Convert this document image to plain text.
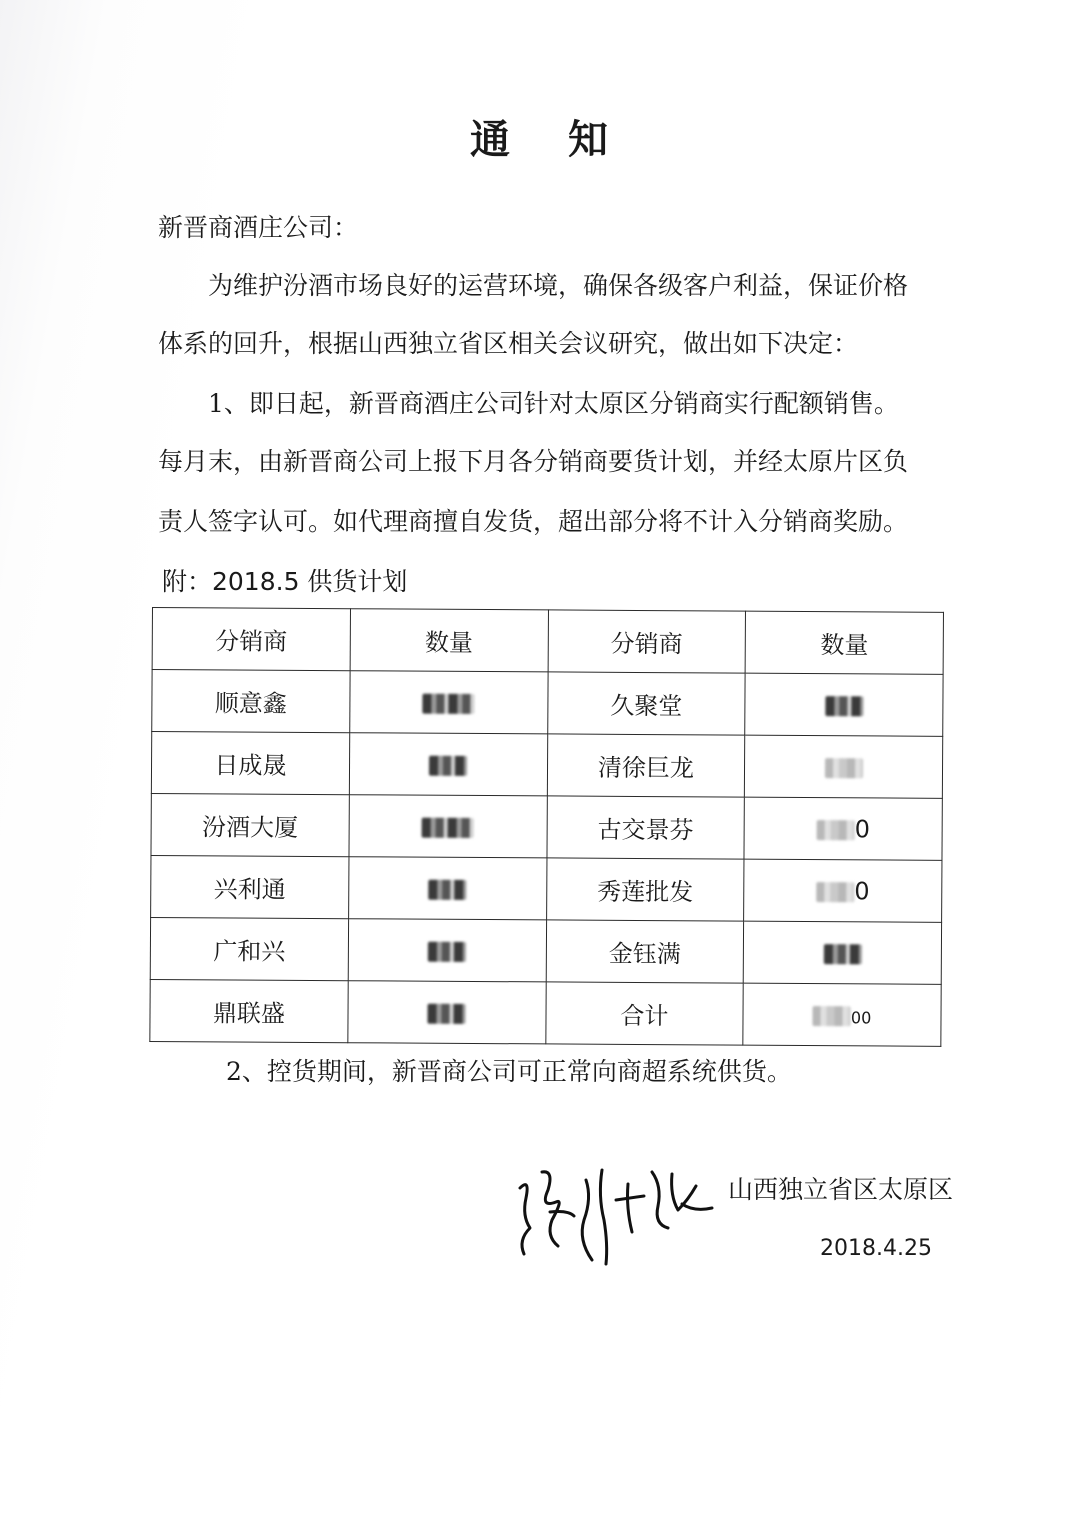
通 知
新晋商酒庄公司：
为维护汾酒市场良好的运营环境，确保各级客户利益，保证价格
体系的回升，根据山西独立省区相关会议研究，做出如下决定：
1、即日起，新晋商酒庄公司针对太原区分销商实行配额销售。
每月末，由新晋商公司上报下月各分销商要货计划，并经太原片区负
责人签字认可。如代理商擅自发货，超出部分将不计入分销商奖励。
附：2018.5 供货计划
分销商	数量	分销商	数量
顺意鑫		久聚堂	
日成晟		清徐巨龙	
汾酒大厦		古交景芬	0
兴利通		秀莲批发	0
广和兴		金钰满	
鼎联盛		合计	00
2、控货期间，新晋商公司可正常向商超系统供货。
山西独立省区太原区
2018.4.25
